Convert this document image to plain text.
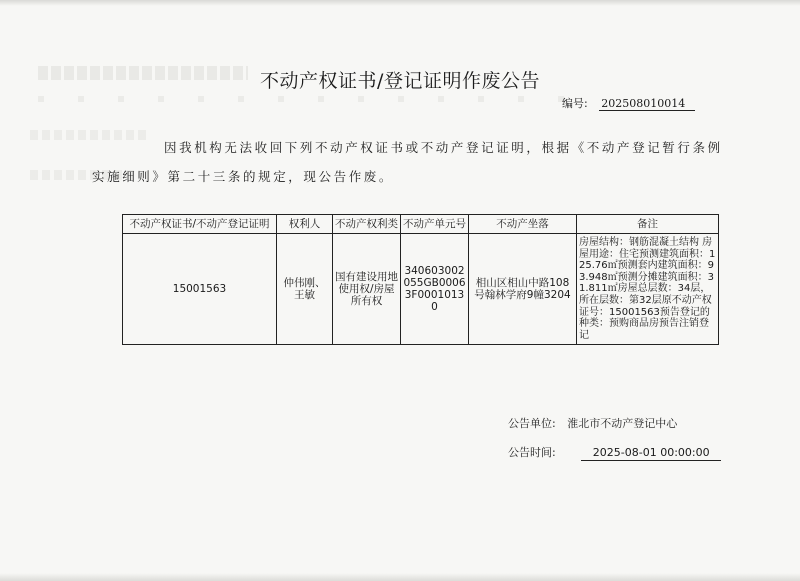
不动产权证书/登记证明作废公告
编号: 202508010014
因我机构无法收回下列不动产权证书或不动产登记证明，根据《不动产登记暂行条例
实施细则》第二十三条的规定，现公告作废。
不动产权证书/不动产登记证明	权利人	不动产权利类	不动产单元号	不动产坐落	备注
15001563	仲伟刚、王敏	国有建设用地使用权/房屋所有权	340603002055GB00063F00010130	相山区相山中路108号翰林学府9幢3204	房屋结构：钢筋混凝土结构 房屋用途：住宅预测建筑面积：125.76㎡预测套内建筑面积：93.948㎡预测分摊建筑面积：31.811㎡房屋总层数：34层，所在层数：第32层原不动产权证号：15001563预告登记的种类：预购商品房预告注销登记
公告单位: 淮北市不动产登记中心
公告时间:	2025-08-01 00:00:00
